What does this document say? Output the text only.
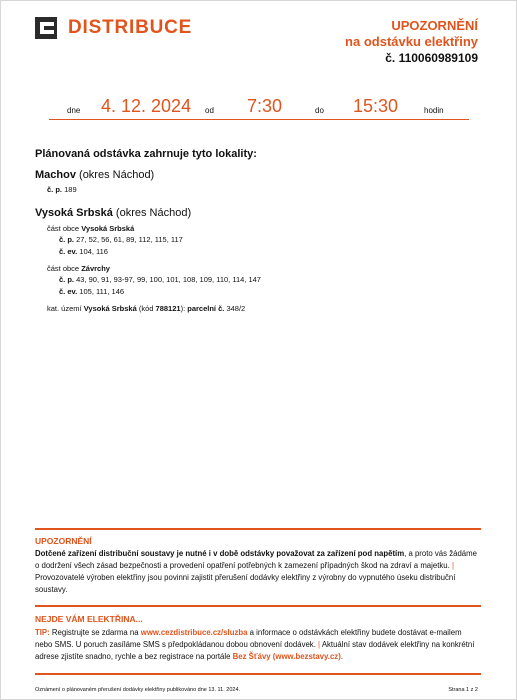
DISTRIBUCE	UPOZORNĚNÍ
na odstávku elektřiny
č. 110060989109
dne 4. 12. 2024 od 7:30	do 15:30	hodin
Plánovaná odstávka zahrnuje tyto lokality:
Machov (okres Náchod)
č. p. 189
Vysoká Srbská (okres Náchod)
část obce Vysoká Srbská
č. p. 27, 52, 56, 61, 89, 112, 115, 117
č. ev. 104, 116
část obce Závrchy
č. p. 43, 90, 91, 93-97, 99, 100, 101, 108, 109, 110, 114, 147
č. ev. 105, 111, 146
kat. území Vysoká Srbská (kód 788121): parcelní č. 348/2
UPOZORNĚNÍ
Dotčené zařízení distribuční soustavy je nutné i v době odstávky považovat za zařízení pod napětím, a proto vás žádáme o dodržení všech zásad bezpečnosti a provedení opatření potřebných k zamezení případných škod na zdraví a majetku. | Provozovatelé výroben elektřiny jsou povinni zajistit přerušení dodávky elektřiny z výrobny do vypnutého úseku distribuční soustavy.
NEJDE VÁM ELEKTŘINA...
TIP: Registrujte se zdarma na www.cezdistribuce.cz/sluzba a informace o odstávkách elektřiny budete dostávat e-mailem nebo SMS. U poruch zasíláme SMS s předpokládanou dobou obnovení dodávek. | Aktuální stav dodávek elektřiny na konkrétní adrese zjistíte snadno, rychle a bez registrace na portále Bez Šťávy (www.bezstavy.cz).
Oznámení o plánovaném přerušení dodávky elektřiny publikováno dne 13. 11. 2024.	Strana 1 z 2
